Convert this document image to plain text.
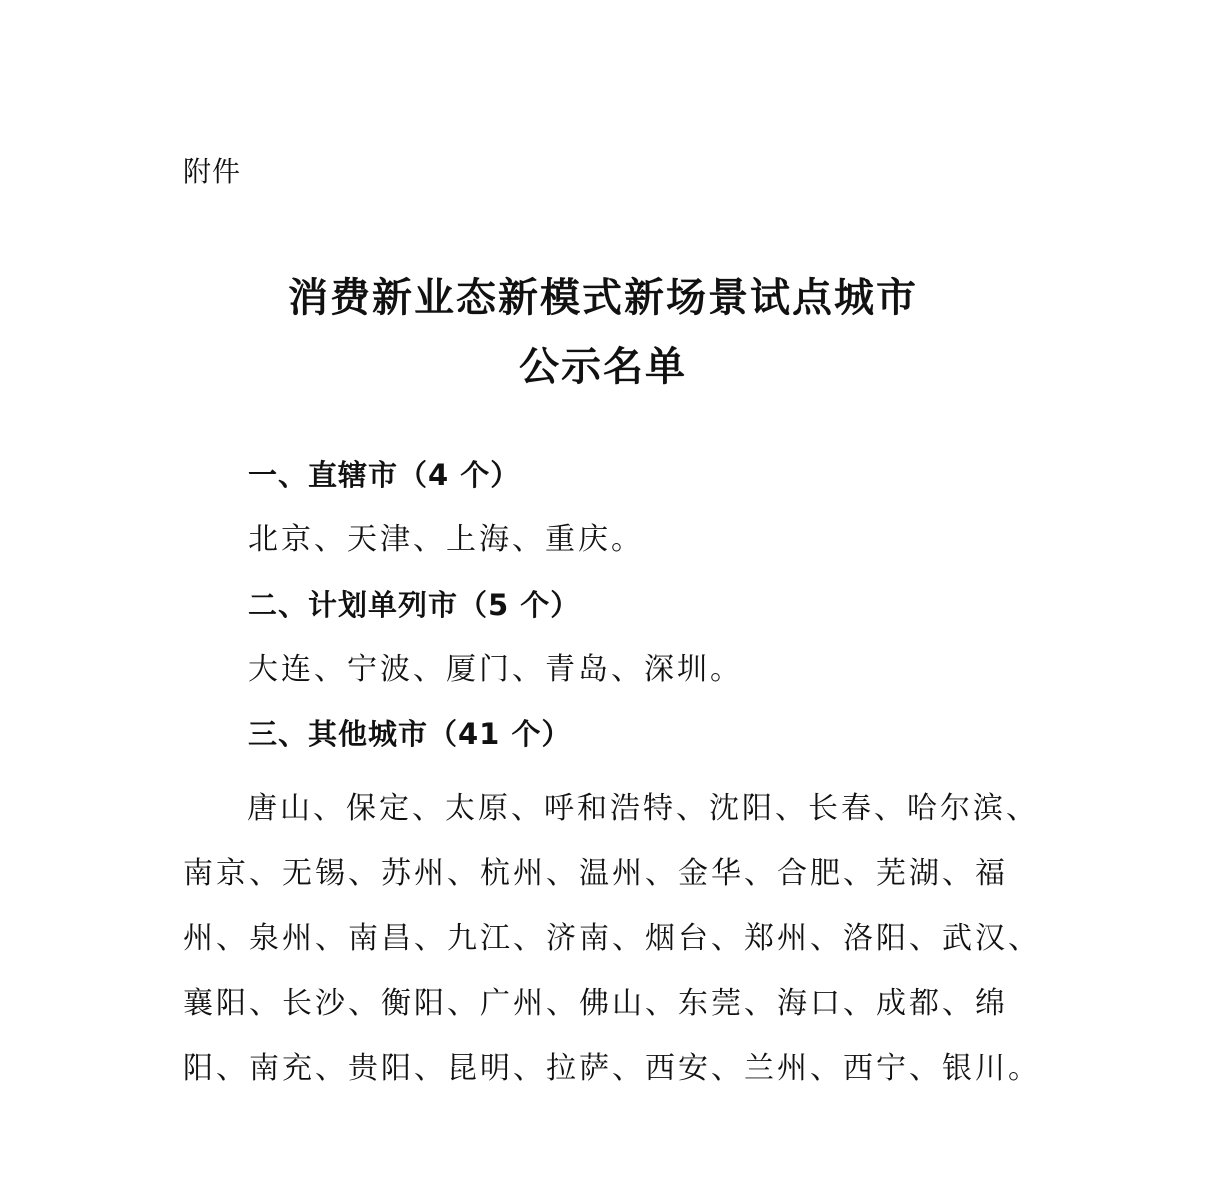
附件
消费新业态新模式新场景试点城市
公示名单
一、直辖市（4 个）
北京、天津、上海、重庆。
二、计划单列市（5 个）
大连、宁波、厦门、青岛、深圳。
三、其他城市（41 个）
唐山、保定、太原、呼和浩特、沈阳、长春、哈尔滨、南京、无锡、苏州、杭州、温州、金华、合肥、芜湖、福州、泉州、南昌、九江、济南、烟台、郑州、洛阳、武汉、襄阳、长沙、衡阳、广州、佛山、东莞、海口、成都、绵阳、南充、贵阳、昆明、拉萨、西安、兰州、西宁、银川。
